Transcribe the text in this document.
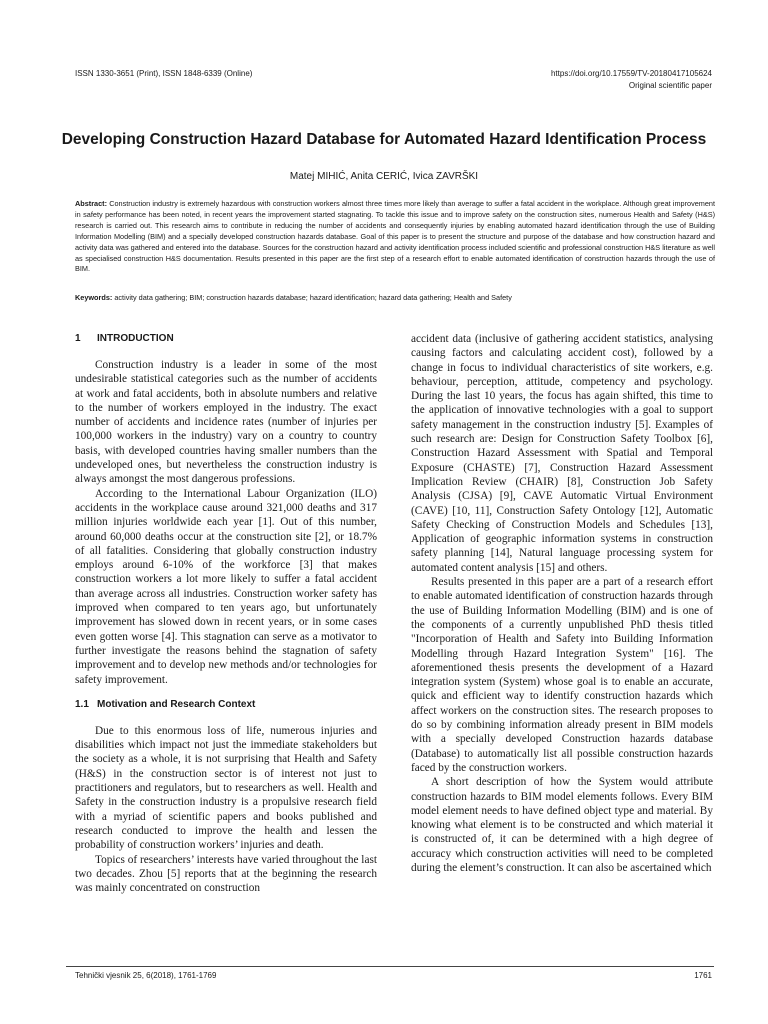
ISSN 1330-3651 (Print), ISSN 1848-6339 (Online)	https://doi.org/10.17559/TV-20180417105624
Original scientific paper
Developing Construction Hazard Database for Automated Hazard Identification Process
Matej MIHIĆ, Anita CERIĆ, Ivica ZAVRŠKI

Abstract: Construction industry is extremely hazardous with construction workers almost three times more likely than average to suffer a fatal accident in the workplace. Although great improvement in safety performance has been noted, in recent years the improvement started stagnating. To tackle this issue and to improve safety on the construction sites, numerous Health and Safety (H&S) research is carried out. This research aims to contribute in reducing the number of accidents and consequently injuries by enabling automated hazard identification through the use of Building Information Modelling (BIM) and a specially developed construction hazards database. Goal of this paper is to present the structure and purpose of the database and how construction hazard and activity data was gathered and entered into the database. Sources for the construction hazard and activity identification process included scientific and professional construction H&S literature as well as specialised construction H&S documentation. Results presented in this paper are the first step of a research effort to enable automated identification of construction hazards through the use of BIM.

Keywords: activity data gathering; BIM; construction hazards database; hazard identification; hazard data gathering; Health and Safety

1 INTRODUCTION

Construction industry is a leader in some of the most undesirable statistical categories such as the number of accidents at work and fatal accidents, both in absolute numbers and relative to the number of workers employed in the industry. The exact number of accidents and incidence rates (number of injuries per 100,000 workers in the industry) vary on a country to country basis, with developed countries having smaller numbers than the undeveloped ones, but nevertheless the construction industry is always amongst the most dangerous professions.

According to the International Labour Organization (ILO) accidents in the workplace cause around 321,000 deaths and 317 million injuries worldwide each year [1]. Out of this number, around 60,000 deaths occur at the construction site [2], or 18.7% of all fatalities. Considering that globally construction industry employs around 6-10% of the workforce [3] that makes construction workers a lot more likely to suffer a fatal accident than average across all industries. Construction worker safety has improved when compared to ten years ago, but unfortunately improvement has slowed down in recent years, or in some cases even gotten worse [4]. This stagnation can serve as a motivator to further investigate the reasons behind the stagnation of safety improvement and to develop new methods and/or technologies for safety improvement.

1.1 Motivation and Research Context

Due to this enormous loss of life, numerous injuries and disabilities which impact not just the immediate stakeholders but the society as a whole, it is not surprising that Health and Safety (H&S) in the construction sector is of interest not just to practitioners and regulators, but to researchers as well. Health and Safety in the construction industry is a propulsive research field with a myriad of scientific papers and books published and research conducted to improve the health and lessen the probability of construction workers’ injuries and death.

Topics of researchers’ interests have varied throughout the last two decades. Zhou [5] reports that at the beginning the research was mainly concentrated on construction

accident data (inclusive of gathering accident statistics, analysing causing factors and calculating accident cost), followed by a change in focus to individual characteristics of site workers, e.g. behaviour, perception, attitude, competency and psychology. During the last 10 years, the focus has again shifted, this time to the application of innovative technologies with a goal to support safety management in the construction industry [5]. Examples of such research are: Design for Construction Safety Toolbox [6], Construction Hazard Assessment with Spatial and Temporal Exposure (CHASTE) [7], Construction Hazard Assessment Implication Review (CHAIR) [8], Construction Job Safety Analysis (CJSA) [9], CAVE Automatic Virtual Environment (CAVE) [10, 11], Construction Safety Ontology [12], Automatic Safety Checking of Construction Models and Schedules [13], Application of geographic information systems in construction safety planning [14], Natural language processing system for automated content analysis [15] and others.

Results presented in this paper are a part of a research effort to enable automated identification of construction hazards through the use of Building Information Modelling (BIM) and is one of the components of a currently unpublished PhD thesis titled "Incorporation of Health and Safety into Building Information Modelling through Hazard Integration System" [16]. The aforementioned thesis presents the development of a Hazard integration system (System) whose goal is to enable an accurate, quick and efficient way to identify construction hazards which affect workers on the construction sites. The research proposes to do so by combining information already present in BIM models with a specially developed Construction hazards database (Database) to automatically list all possible construction hazards faced by the construction workers.

A short description of how the System would attribute construction hazards to BIM model elements follows. Every BIM model element needs to have defined object type and material. By knowing what element is to be constructed and which material it is constructed of, it can be determined with a high degree of accuracy which construction activities will need to be completed during the element’s construction. It can also be ascertained which

Tehnički vjesnik 25, 6(2018), 1761-1769	1761
